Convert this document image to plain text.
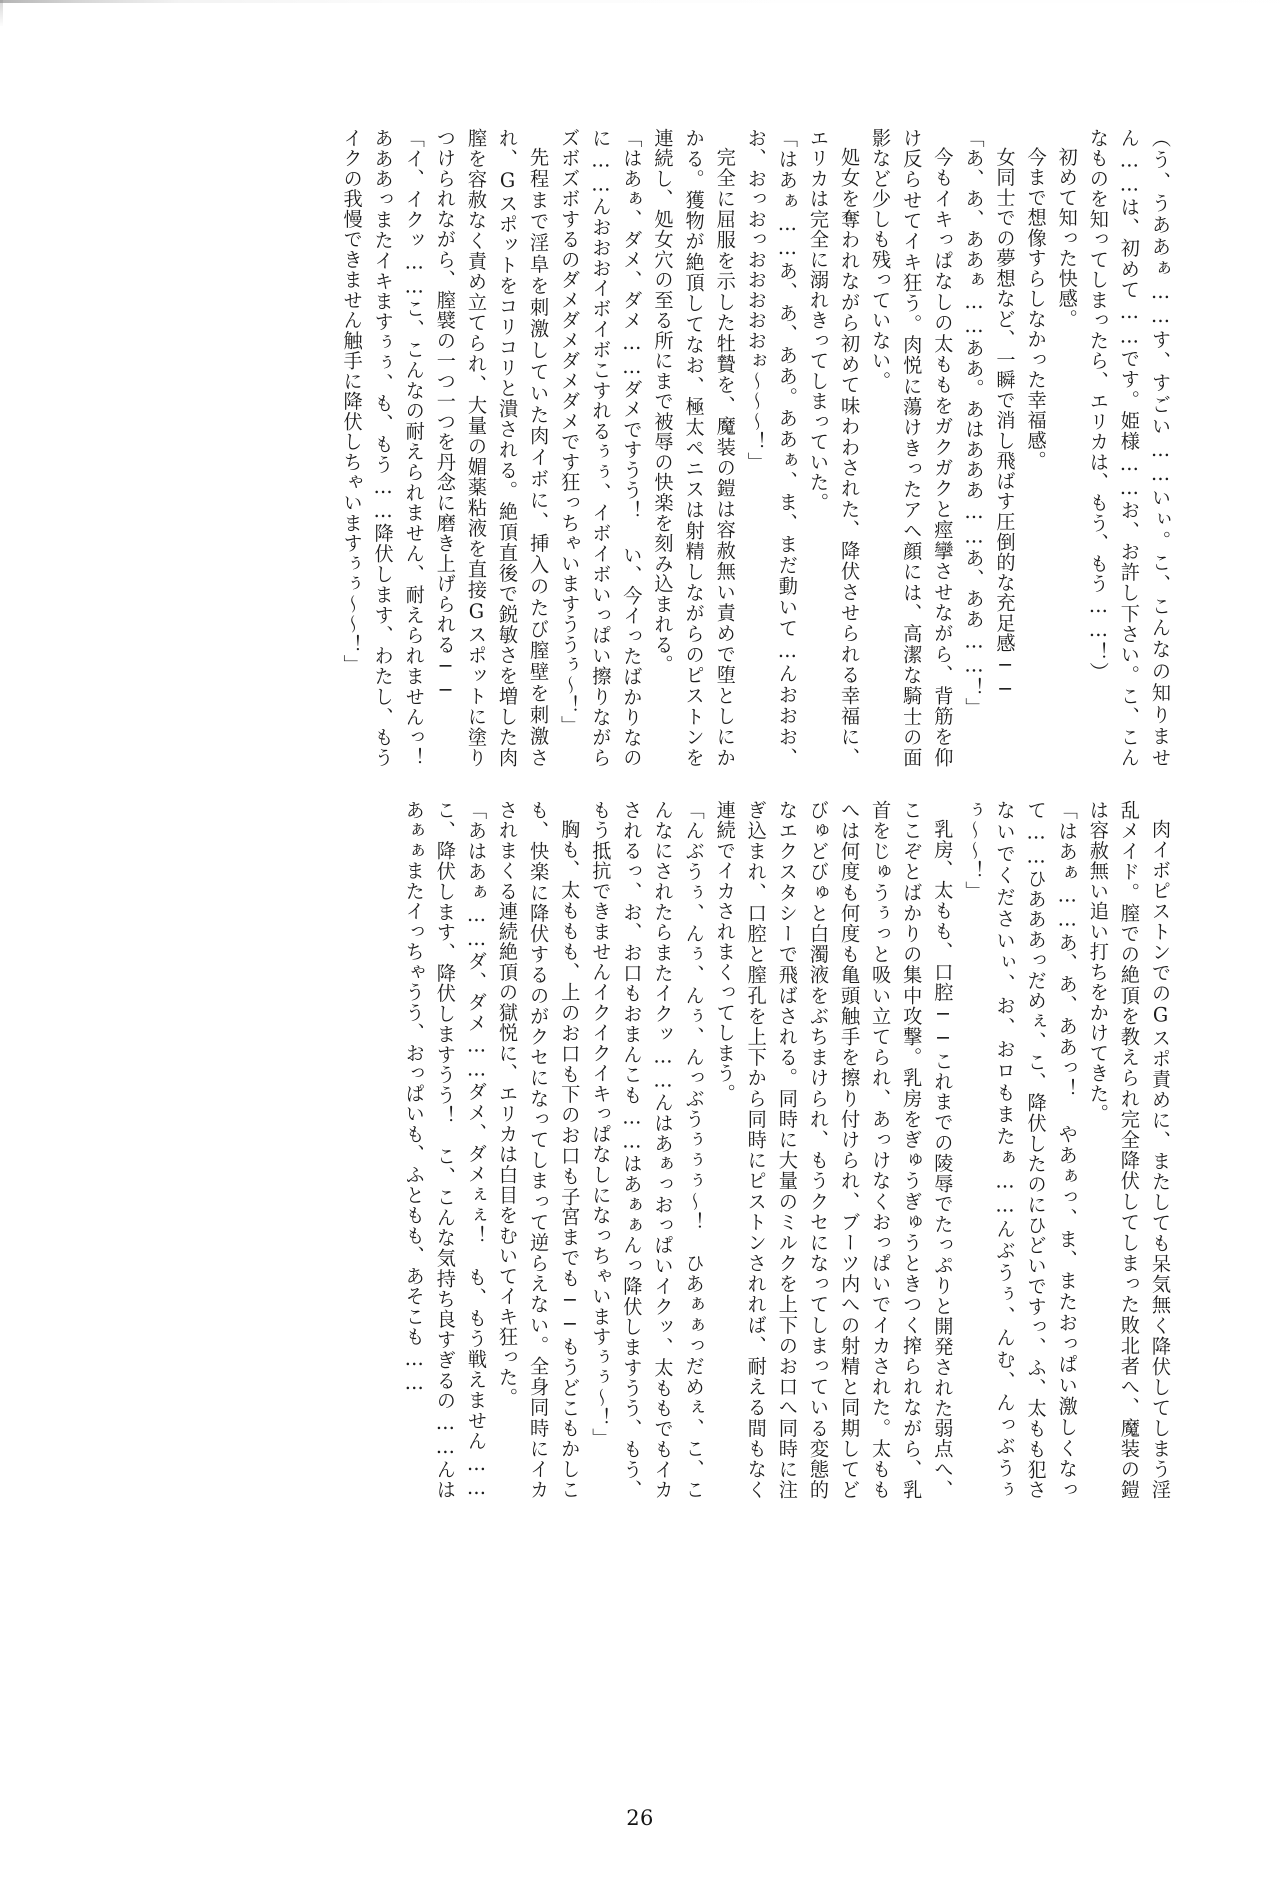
（う、うああぁ……す、すごい……いぃ。こ、こんなの知りません……は、初めて……です。姫様……お、お許し下さい。こ、こんなものを知ってしまったら、エリカは、もう、もう……！）

初めて知った快感。

今まで想像すらしなかった幸福感。

女同士での夢想など、一瞬で消し飛ばす圧倒的な充足感──

「あ、あ、ああぁ……ああ。あはあああ……あ、ああ……！」

今もイキっぱなしの太ももをガクガクと痙攣させながら、背筋を仰け反らせてイキ狂う。肉悦に蕩けきったアヘ顔には、高潔な騎士の面影など少しも残っていない。

処女を奪われながら初めて味わわされた、降伏させられる幸福に、エリカは完全に溺れきってしまっていた。

「はあぁ……あ、あ、ああ。ああぁ、ま、まだ動いて…んおおお、お、おっおっおおおおおぉ〜〜〜！」

完全に屈服を示した牡贄を、魔装の鎧は容赦無い責めで堕としにかかる。獲物が絶頂してなお、極太ペニスは射精しながらのピストンを連続し、処女穴の至る所にまで被辱の快楽を刻み込まれる。

「はあぁ、ダメ、ダメ……ダメですうう！ い、今イったばかりなの に……んおおおイボイボこすれるぅぅ、イボイボいっぱい擦りながらズボズボするのダメダメダメダメです狂っちゃいますううぅ〜！」

先程まで淫阜を刺激していた肉イボに、挿入のたび膣壁を刺激され、Gスポットをコリコリと潰される。絶頂直後で鋭敏さを増した肉膣を容赦なく責め立てられ、大量の媚薬粘液を直接Gスポットに塗りつけられながら、膣襞の一つ一つを丹念に磨き上げられる──

「イ、イクッ……こ、こんなの耐えられません、耐えられませんっ！ あああっまたイキますぅぅ、も、もう……降伏します、わたし、もうイクの我慢できません触手に降伏しちゃいますぅぅ〜〜！」

肉イボピストンでのGスポ責めに、またしても呆気無く降伏してしまう淫乱メイド。膣での絶頂を教えられ完全降伏してしまった敗北者へ、魔装の鎧は容赦無い追い打ちをかけてきた。

「はあぁ……あ、あ、ああっ！ やあぁっ、ま、またおっぱい激しくなって……ひあああっだめぇ、こ、降伏したのにひどいですっ、ふ、太もも犯さないでくださいぃ、お、おロもまたぁ……んぶうぅ、んむ、んっぶうぅぅ〜〜！」

乳房、太もも、口腔──これまでの陵辱でたっぷりと開発された弱点へ、ここぞとばかりの集中攻撃。乳房をぎゅうぎゅうときつく搾られながら、乳首をじゅうぅっと吸い立てられ、あっけなくおっぱいでイカされた。太ももへは何度も何度も亀頭触手を擦り付けられ、ブーツ内への射精と同期してどびゅどびゅと白濁液をぶちまけられ、もうクセになってしまっている変態的なエクスタシーで飛ばされる。同時に大量のミルクを上下のお口へ同時に注ぎ込まれ、口腔と膣孔を上下から同時にピストンされれば、耐える間もなく連続でイカされまくってしまう。

「んぶうぅ、んぅ、んぅ、んっぶうぅぅぅ〜！　ひあぁぁっだめぇ、こ、こんなにされたらまたイクッ……んはあぁっおっぱいイクッ、太ももでもイカされるっ、お、お口もおまんこも……はあぁぁんっ降伏しますうう、もう、もう抵抗できませんイクイクイキっぱなしになっちゃいますぅぅ〜！」

胸も、太ももも、上のお口も下のお口も子宮までも──もうどこもかしこも、快楽に降伏するのがクセになってしまって逆らえない。全身同時にイカされまくる連続絶頂の獄悦に、エリカは白目をむいてイキ狂った。

「あはあぁ……ダ、ダメ……ダメ、ダメぇぇ！　も、もう戦えません……こ、降伏します、降伏しますうう！　こ、こんな気持ち良すぎるの……んはあぁぁまたイっちゃうう、おっぱいも、ふともも、あそこも……

26
